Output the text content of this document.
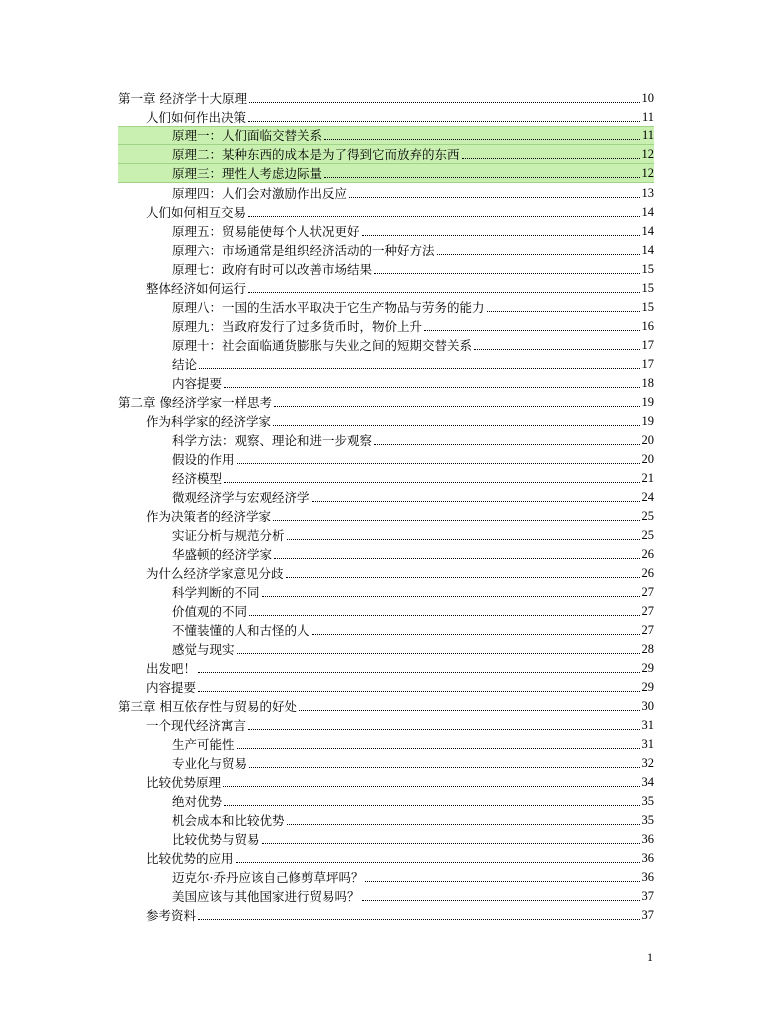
第一章 经济学十大原理	10
人们如何作出决策	11
原理一：人们面临交替关系	11
原理二：某种东西的成本是为了得到它而放弃的东西	12
原理三：理性人考虑边际量	12
原理四：人们会对激励作出反应	13
人们如何相互交易	14
原理五：贸易能使每个人状况更好	14
原理六：市场通常是组织经济活动的一种好方法	14
原理七：政府有时可以改善市场结果	15
整体经济如何运行	15
原理八：一国的生活水平取决于它生产物品与劳务的能力	15
原理九：当政府发行了过多货币时，物价上升	16
原理十：社会面临通货膨胀与失业之间的短期交替关系	17
结论	17
内容提要	18
第二章 像经济学家一样思考	19
作为科学家的经济学家	19
科学方法：观察、理论和进一步观察	20
假设的作用	20
经济模型	21
微观经济学与宏观经济学	24
作为决策者的经济学家	25
实证分析与规范分析	25
华盛顿的经济学家	26
为什么经济学家意见分歧	26
科学判断的不同	27
价值观的不同	27
不懂装懂的人和古怪的人	27
感觉与现实	28
出发吧！	29
内容提要	29
第三章 相互依存性与贸易的好处	30
一个现代经济寓言	31
生产可能性	31
专业化与贸易	32
比较优势原理	34
绝对优势	35
机会成本和比较优势	35
比较优势与贸易	36
比较优势的应用	36
迈克尔·乔丹应该自己修剪草坪吗？	36
美国应该与其他国家进行贸易吗？	37
参考资料	37
1
